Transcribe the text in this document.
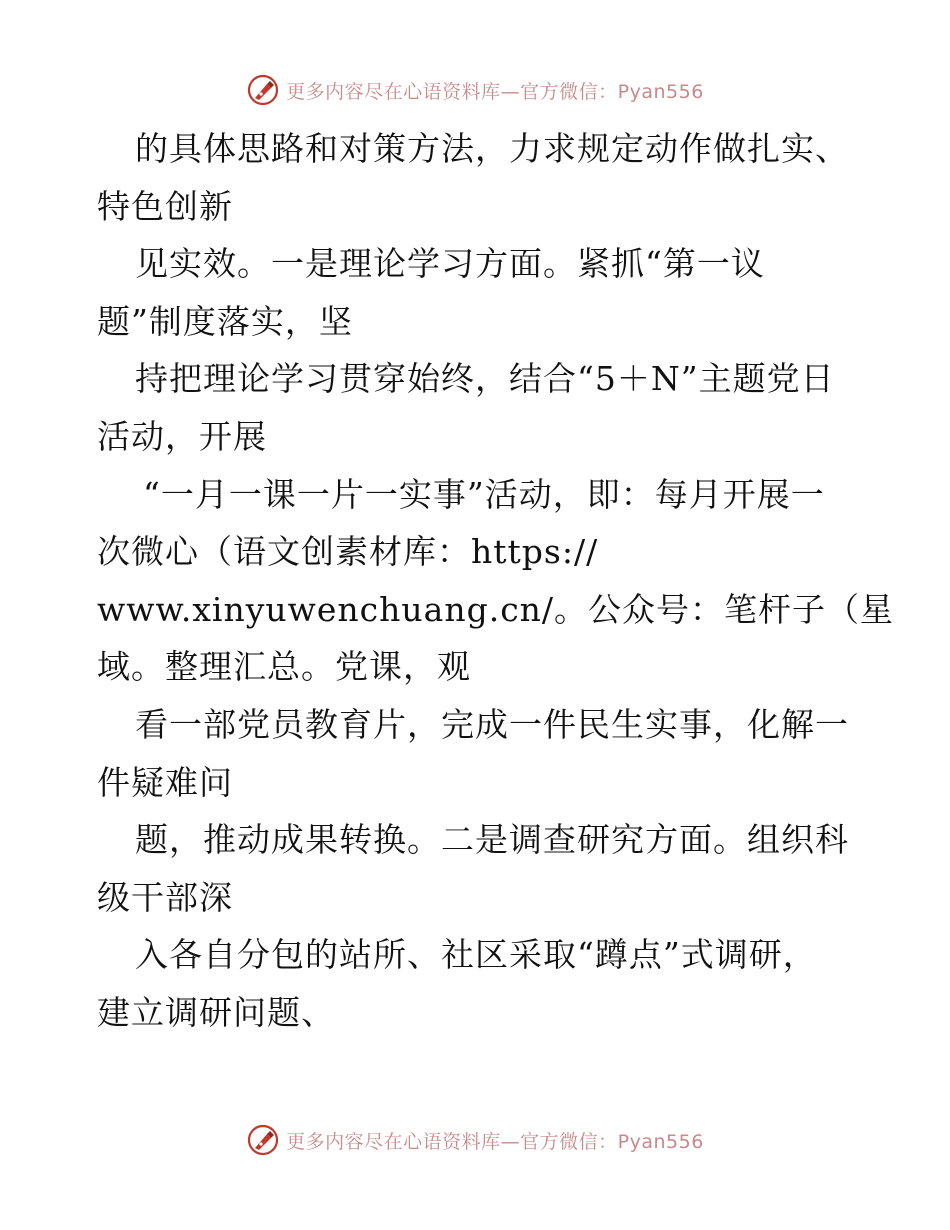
更多内容尽在心语资料库—官方微信：Pyan556
的具体思路和对策方法，力求规定动作做扎实、
特色创新
见实效。一是理论学习方面。紧抓“第一议
题”制度落实，坚
持把理论学习贯穿始终，结合“5＋N”主题党日
活动，开展
“一月一课一片一实事”活动，即：每月开展一
次微心（语文创素材库：https://
www.xinyuwenchuang.cn/。公众号：笔杆子（星
域。整理汇总。党课，观
看一部党员教育片，完成一件民生实事，化解一
件疑难问
题，推动成果转换。二是调查研究方面。组织科
级干部深
入各自分包的站所、社区采取“蹲点”式调研，
建立调研问题、
更多内容尽在心语资料库—官方微信：Pyan556
